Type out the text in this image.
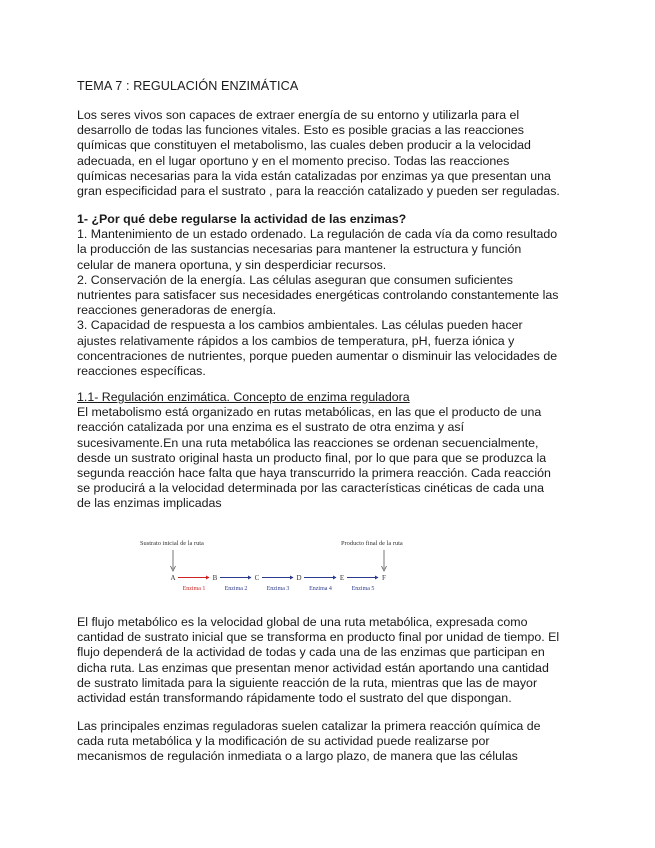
TEMA 7 : REGULACIÓN ENZIMÁTICA
Los seres vivos son capaces de extraer energía de su entorno y utilizarla para el
desarrollo de todas las funciones vitales. Esto es posible gracias a las reacciones
químicas que constituyen el metabolismo, las cuales deben producir a la velocidad
adecuada, en el lugar oportuno y en el momento preciso. Todas las reacciones
químicas necesarias para la vida están catalizadas por enzimas ya que presentan una
gran especificidad para el sustrato , para la reacción catalizado y pueden ser reguladas.
1- ¿Por qué debe regularse la actividad de las enzimas?
1. Mantenimiento de un estado ordenado. La regulación de cada vía da como resultado
la producción de las sustancias necesarias para mantener la estructura y función
celular de manera oportuna, y sin desperdiciar recursos.
2. Conservación de la energía. Las células aseguran que consumen suficientes
nutrientes para satisfacer sus necesidades energéticas controlando constantemente las
reacciones generadoras de energía.
3. Capacidad de respuesta a los cambios ambientales. Las células pueden hacer
ajustes relativamente rápidos a los cambios de temperatura, pH, fuerza iónica y
concentraciones de nutrientes, porque pueden aumentar o disminuir las velocidades de
reacciones específicas.
1.1- Regulación enzimática. Concepto de enzima reguladora
El metabolismo está organizado en rutas metabólicas, en las que el producto de una
reacción catalizada por una enzima es el sustrato de otra enzima y así
sucesivamente.En una ruta metabólica las reacciones se ordenan secuencialmente,
desde un sustrato original hasta un producto final, por lo que para que se produzca la
segunda reacción hace falta que haya transcurrido la primera reacción. Cada reacción
se producirá a la velocidad determinada por las características cinéticas de cada una
de las enzimas implicadas
Sustrato inicial de la ruta	Producto final de la ruta
A	B	C	D	E	F
Enzima 1	Enzima 2	Enzima 3	Enzima 4	Enzima 5
El flujo metabólico es la velocidad global de una ruta metabólica, expresada como
cantidad de sustrato inicial que se transforma en producto final por unidad de tiempo. El
flujo dependerá de la actividad de todas y cada una de las enzimas que participan en
dicha ruta. Las enzimas que presentan menor actividad están aportando una cantidad
de sustrato limitada para la siguiente reacción de la ruta, mientras que las de mayor
actividad están transformando rápidamente todo el sustrato del que dispongan.
Las principales enzimas reguladoras suelen catalizar la primera reacción química de
cada ruta metabólica y la modificación de su actividad puede realizarse por
mecanismos de regulación inmediata o a largo plazo, de manera que las células
